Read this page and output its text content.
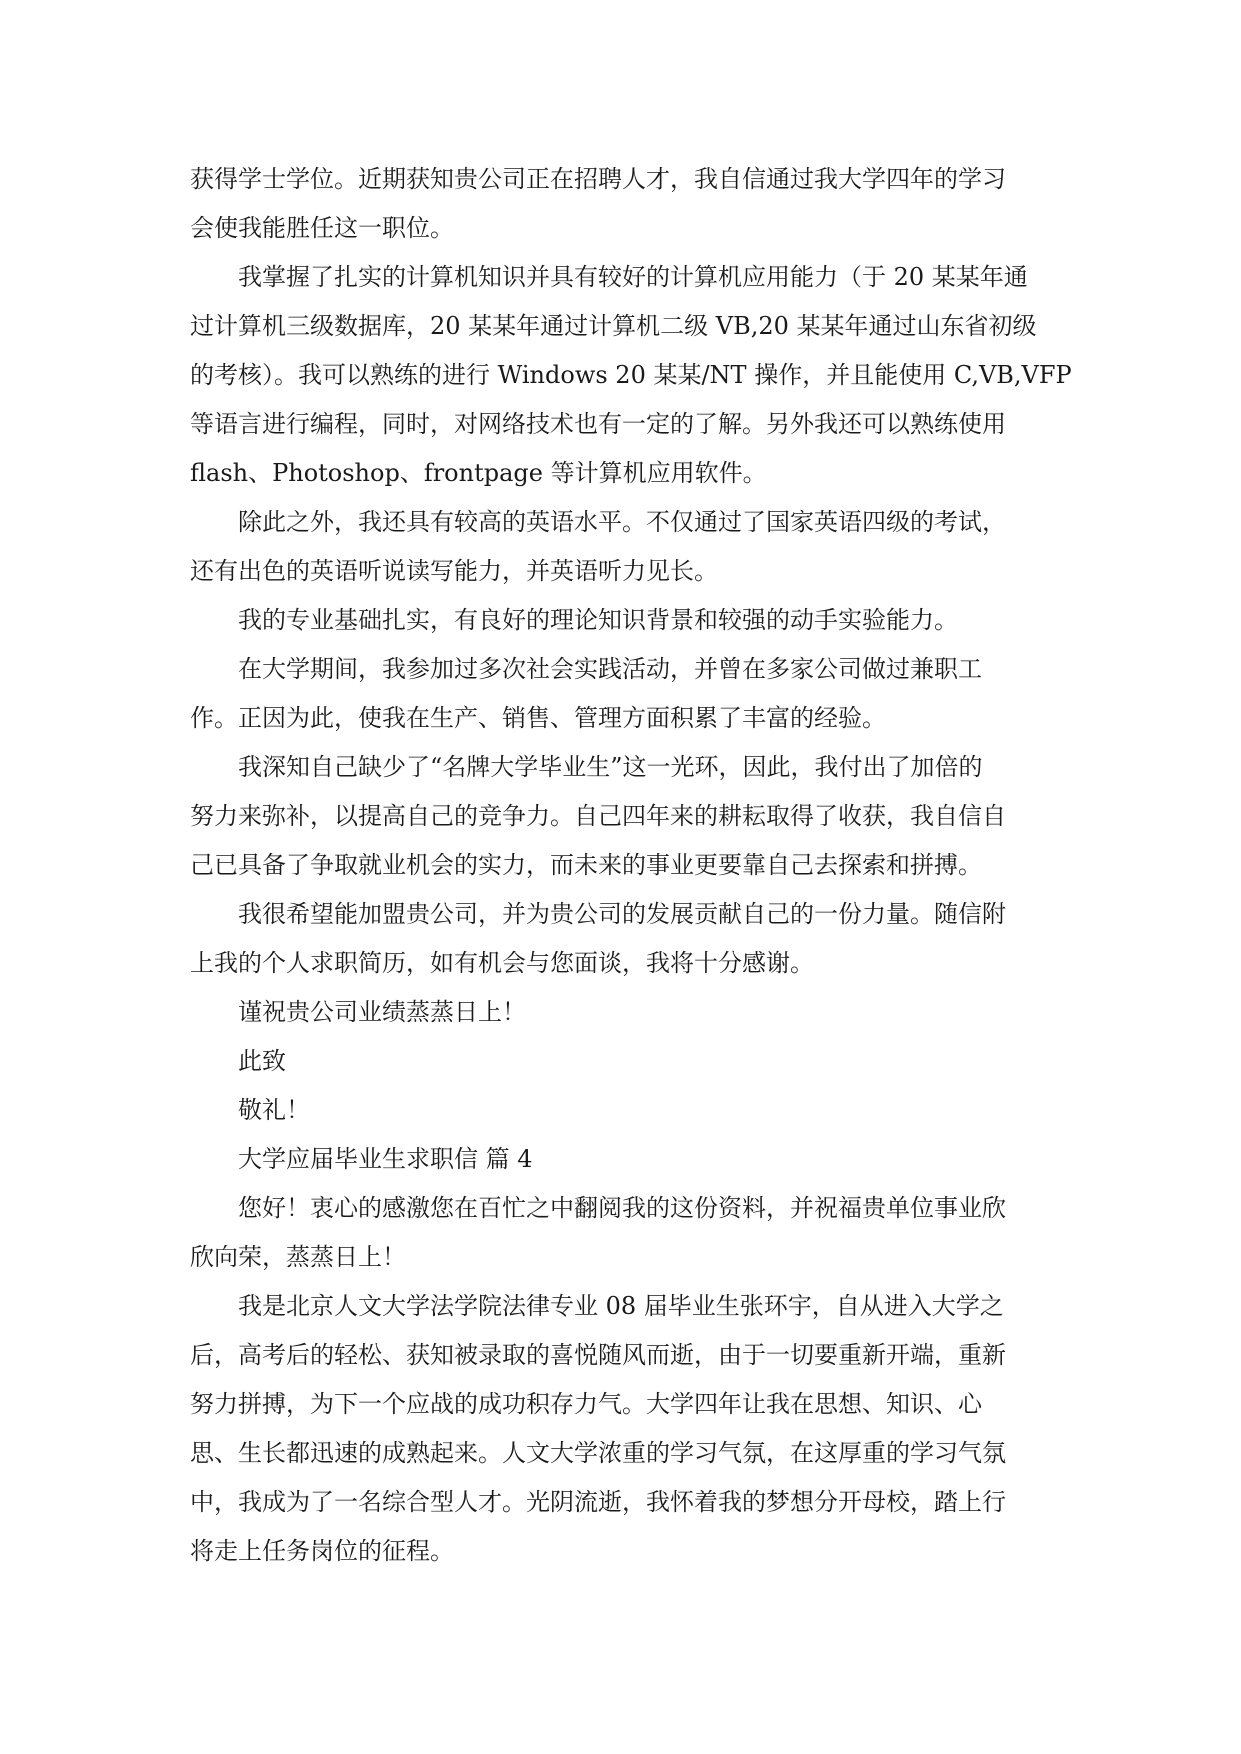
获得学士学位。近期获知贵公司正在招聘人才，我自信通过我大学四年的学习
会使我能胜任这一职位。
我掌握了扎实的计算机知识并具有较好的计算机应用能力（于 20 某某年通
过计算机三级数据库，20 某某年通过计算机二级 VB,20 某某年通过山东省初级
的考核）。我可以熟练的进行 Windows 20 某某/NT 操作，并且能使用 C,VB,VFP
等语言进行编程，同时，对网络技术也有一定的了解。另外我还可以熟练使用
flash、Photoshop、frontpage 等计算机应用软件。
除此之外，我还具有较高的英语水平。不仅通过了国家英语四级的考试，
还有出色的英语听说读写能力，并英语听力见长。
我的专业基础扎实，有良好的理论知识背景和较强的动手实验能力。
在大学期间，我参加过多次社会实践活动，并曾在多家公司做过兼职工
作。正因为此，使我在生产、销售、管理方面积累了丰富的经验。
我深知自己缺少了“名牌大学毕业生”这一光环，因此，我付出了加倍的
努力来弥补，以提高自己的竞争力。自己四年来的耕耘取得了收获，我自信自
己已具备了争取就业机会的实力，而未来的事业更要靠自己去探索和拼搏。
我很希望能加盟贵公司，并为贵公司的发展贡献自己的一份力量。随信附
上我的个人求职简历，如有机会与您面谈，我将十分感谢。
谨祝贵公司业绩蒸蒸日上！
此致
敬礼！
大学应届毕业生求职信 篇 4
您好！衷心的感激您在百忙之中翻阅我的这份资料，并祝福贵单位事业欣
欣向荣，蒸蒸日上！
我是北京人文大学法学院法律专业 08 届毕业生张环宇，自从进入大学之
后，高考后的轻松、获知被录取的喜悦随风而逝，由于一切要重新开端，重新
努力拼搏，为下一个应战的成功积存力气。大学四年让我在思想、知识、心
思、生长都迅速的成熟起来。人文大学浓重的学习气氛，在这厚重的学习气氛
中，我成为了一名综合型人才。光阴流逝，我怀着我的梦想分开母校，踏上行
将走上任务岗位的征程。
